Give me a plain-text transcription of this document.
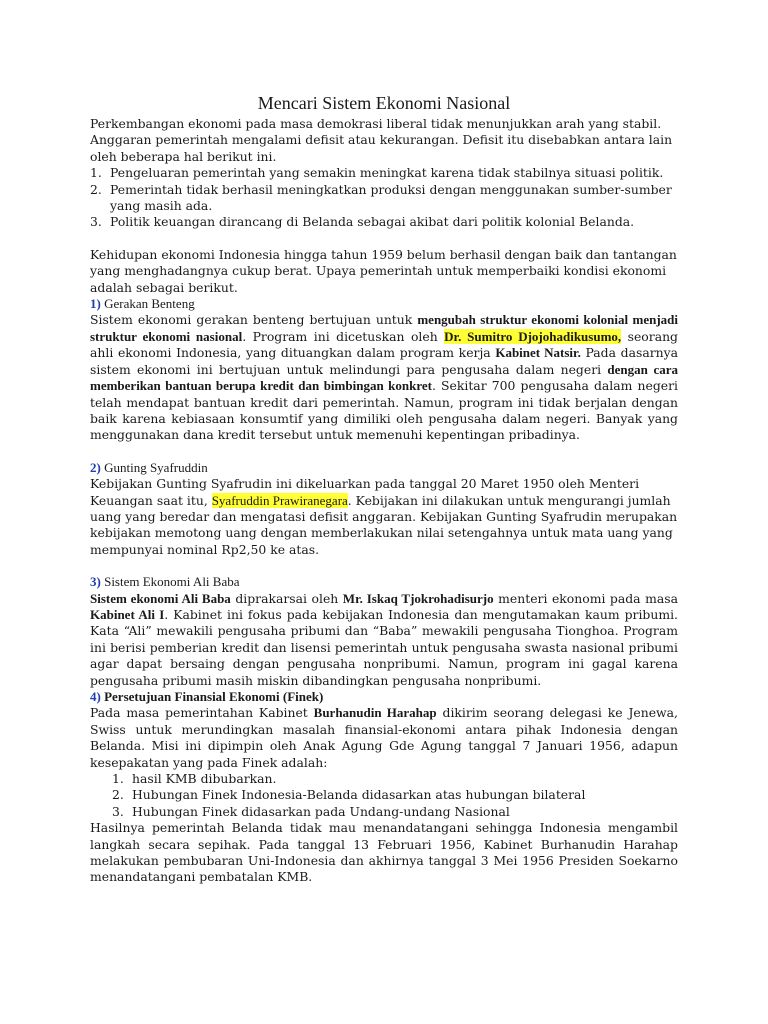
Mencari Sistem Ekonomi Nasional

Perkembangan ekonomi pada masa demokrasi liberal tidak menunjukkan arah yang stabil. Anggaran pemerintah mengalami defisit atau kekurangan. Defisit itu disebabkan antara lain oleh beberapa hal berikut ini.

1. Pengeluaran pemerintah yang semakin meningkat karena tidak stabilnya situasi politik.
2. Pemerintah tidak berhasil meningkatkan produksi dengan menggunakan sumber-sumber yang masih ada.
3. Politik keuangan dirancang di Belanda sebagai akibat dari politik kolonial Belanda.

Kehidupan ekonomi Indonesia hingga tahun 1959 belum berhasil dengan baik dan tantangan yang menghadangnya cukup berat. Upaya pemerintah untuk memperbaiki kondisi ekonomi adalah sebagai berikut.

1) Gerakan Benteng

Sistem ekonomi gerakan benteng bertujuan untuk mengubah struktur ekonomi kolonial menjadi struktur ekonomi nasional. Program ini dicetuskan oleh Dr. Sumitro Djojohadikusumo, seorang ahli ekonomi Indonesia, yang dituangkan dalam program kerja Kabinet Natsir. Pada dasarnya sistem ekonomi ini bertujuan untuk melindungi para pengusaha dalam negeri dengan cara memberikan bantuan berupa kredit dan bimbingan konkret. Sekitar 700 pengusaha dalam negeri telah mendapat bantuan kredit dari pemerintah. Namun, program ini tidak berjalan dengan baik karena kebiasaan konsumtif yang dimiliki oleh pengusaha dalam negeri. Banyak yang menggunakan dana kredit tersebut untuk memenuhi kepentingan pribadinya.

2) Gunting Syafruddin

Kebijakan Gunting Syafrudin ini dikeluarkan pada tanggal 20 Maret 1950 oleh Menteri Keuangan saat itu, Syafruddin Prawiranegara. Kebijakan ini dilakukan untuk mengurangi jumlah uang yang beredar dan mengatasi defisit anggaran. Kebijakan Gunting Syafrudin merupakan kebijakan memotong uang dengan memberlakukan nilai setengahnya untuk mata uang yang mempunyai nominal Rp2,50 ke atas.

3) Sistem Ekonomi Ali Baba

Sistem ekonomi Ali Baba diprakarsai oleh Mr. Iskaq Tjokrohadisurjo menteri ekonomi pada masa Kabinet Ali I. Kabinet ini fokus pada kebijakan Indonesia dan mengutamakan kaum pribumi. Kata “Ali” mewakili pengusaha pribumi dan “Baba” mewakili pengusaha Tionghoa. Program ini berisi pemberian kredit dan lisensi pemerintah untuk pengusaha swasta nasional pribumi agar dapat bersaing dengan pengusaha nonpribumi. Namun, program ini gagal karena pengusaha pribumi masih miskin dibandingkan pengusaha nonpribumi.

4) Persetujuan Finansial Ekonomi (Finek)

Pada masa pemerintahan Kabinet Burhanudin Harahap dikirim seorang delegasi ke Jenewa, Swiss untuk merundingkan masalah finansial-ekonomi antara pihak Indonesia dengan Belanda. Misi ini dipimpin oleh Anak Agung Gde Agung tanggal 7 Januari 1956, adapun kesepakatan yang pada Finek adalah:

1. hasil KMB dibubarkan.
2. Hubungan Finek Indonesia-Belanda didasarkan atas hubungan bilateral
3. Hubungan Finek didasarkan pada Undang-undang Nasional

Hasilnya pemerintah Belanda tidak mau menandatangani sehingga Indonesia mengambil langkah secara sepihak. Pada tanggal 13 Februari 1956, Kabinet Burhanudin Harahap melakukan pembubaran Uni-Indonesia dan akhirnya tanggal 3 Mei 1956 Presiden Soekarno menandatangani pembatalan KMB.
